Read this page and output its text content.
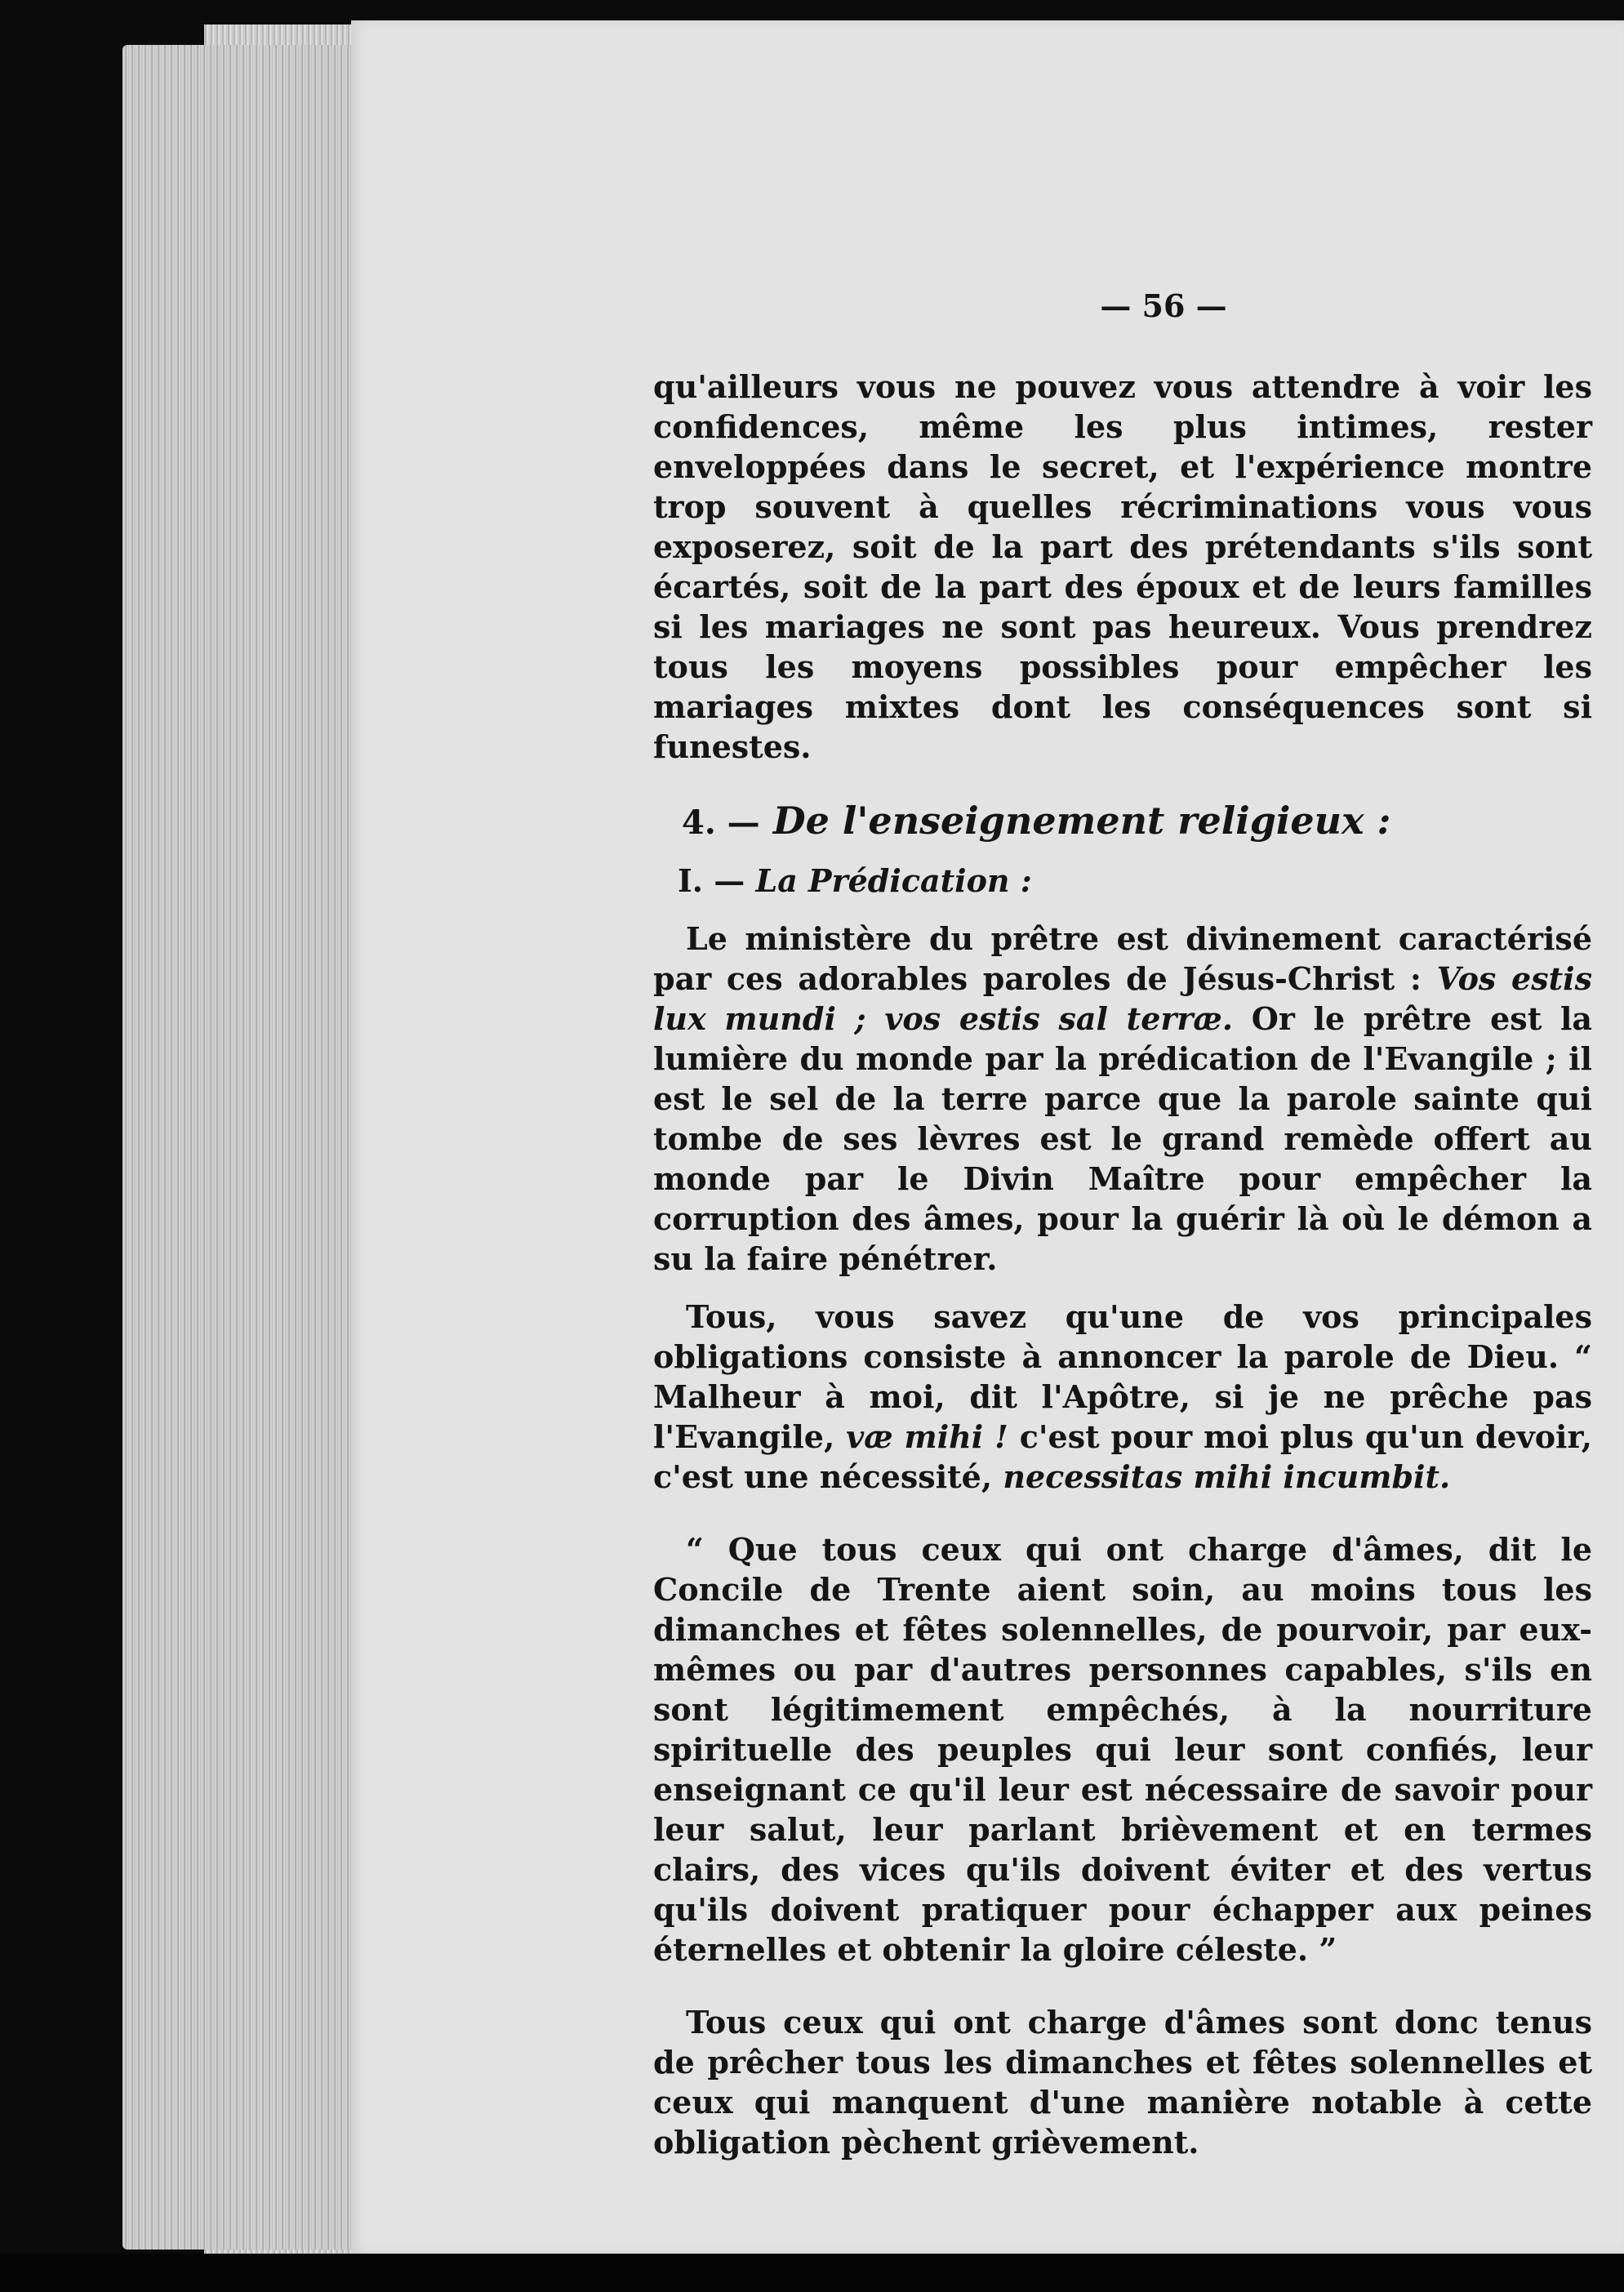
— 56 —

qu'ailleurs vous ne pouvez vous attendre à voir les confidences, même les plus intimes, rester enveloppées dans le secret, et l'expérience montre trop souvent à quelles récriminations vous vous exposerez, soit de la part des prétendants s'ils sont écartés, soit de la part des époux et de leurs familles si les mariages ne sont pas heureux. Vous prendrez tous les moyens possibles pour empêcher les mariages mixtes dont les conséquences sont si funestes.

4. — De l'enseignement religieux :
I. — La Prédication :

Le ministère du prêtre est divinement caractérisé par ces adorables paroles de Jésus-Christ : Vos estis lux mundi ; vos estis sal terræ. Or le prêtre est la lumière du monde par la prédication de l'Evangile ; il est le sel de la terre parce que la parole sainte qui tombe de ses lèvres est le grand remède offert au monde par le Divin Maître pour empêcher la corruption des âmes, pour la guérir là où le démon a su la faire pénétrer.

Tous, vous savez qu'une de vos principales obligations consiste à annoncer la parole de Dieu. “ Malheur à moi, dit l'Apôtre, si je ne prêche pas l'Evangile, væ mihi ! c'est pour moi plus qu'un devoir, c'est une nécessité, necessitas mihi incumbit.

“ Que tous ceux qui ont charge d'âmes, dit le Concile de Trente aient soin, au moins tous les dimanches et fêtes solennelles, de pourvoir, par eux-mêmes ou par d'autres personnes capables, s'ils en sont légitimement empêchés, à la nourriture spirituelle des peuples qui leur sont confiés, leur enseignant ce qu'il leur est nécessaire de savoir pour leur salut, leur parlant brièvement et en termes clairs, des vices qu'ils doivent éviter et des vertus qu'ils doivent pratiquer pour échapper aux peines éternelles et obtenir la gloire céleste. ”

Tous ceux qui ont charge d'âmes sont donc tenus de prêcher tous les dimanches et fêtes solennelles et ceux qui manquent d'une manière notable à cette obligation pèchent grièvement.
